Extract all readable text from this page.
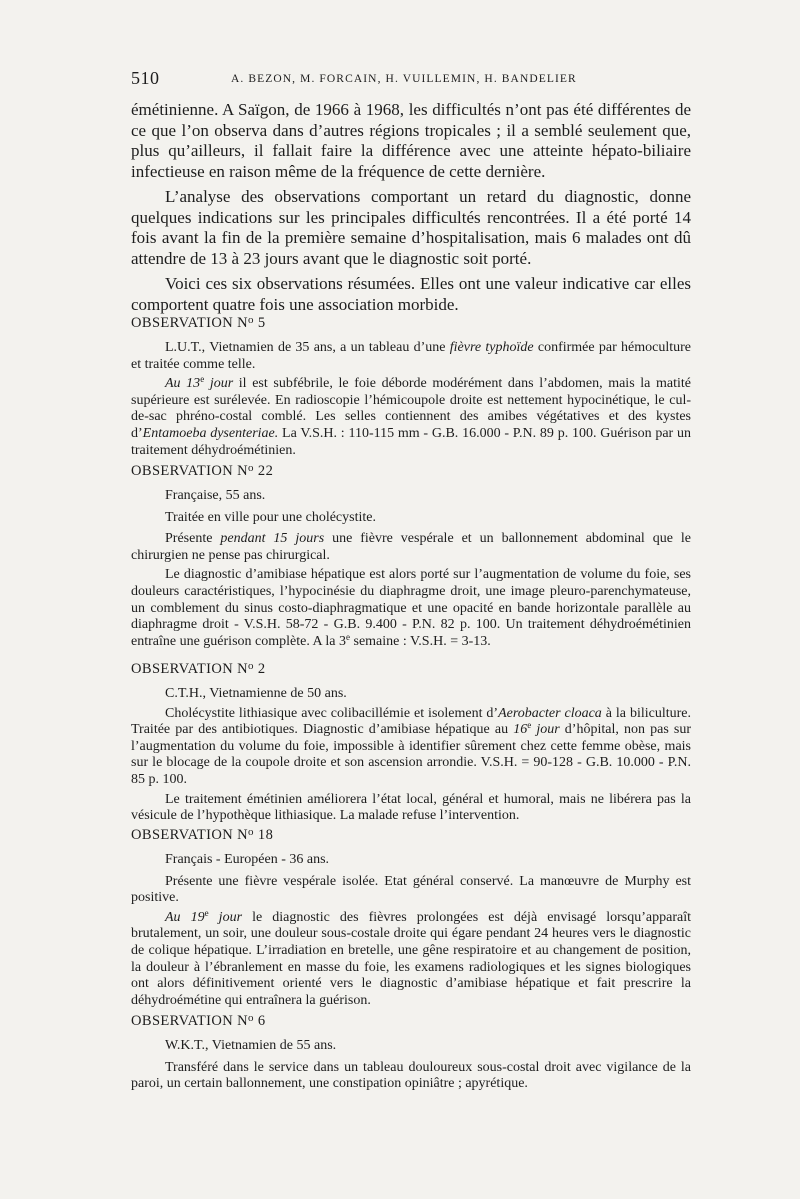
510	A. BEZON, M. FORCAIN, H. VUILLEMIN, H. BANDELIER

émétinienne. A Saïgon, de 1966 à 1968, les difficultés n’ont pas été différentes de ce que l’on observa dans d’autres régions tropicales ; il a semblé seulement que, plus qu’ailleurs, il fallait faire la différence avec une atteinte hépato-biliaire infectieuse en raison même de la fréquence de cette dernière.

L’analyse des observations comportant un retard du diagnostic, donne quelques indications sur les principales difficultés rencontrées. Il a été porté 14 fois avant la fin de la première semaine d’hospitalisation, mais 6 malades ont dû attendre de 13 à 23 jours avant que le diagnostic soit porté.

Voici ces six observations résumées. Elles ont une valeur indicative car elles comportent quatre fois une association morbide.

OBSERVATION $N^o$ 5

L.U.T., Vietnamien de 35 ans, a un tableau d’une fièvre typhoïde confirmée par hémoculture et traitée comme telle.

Au 13e jour il est subfébrile, le foie déborde modérément dans l’abdomen, mais la matité supérieure est surélevée. En radioscopie l’hémicoupole droite est nettement hypocinétique, le cul-de-sac phréno-costal comblé. Les selles contiennent des amibes végétatives et des kystes d’Entamoeba dysenteriae. La V.S.H. : 110-115 mm - G.B. 16.000 - P.N. 89 p. 100. Guérison par un traitement déhydroémétinien.

OBSERVATION $N^o$ 22

Française, 55 ans.

Traitée en ville pour une cholécystite.

Présente pendant 15 jours une fièvre vespérale et un ballonnement abdominal que le chirurgien ne pense pas chirurgical.

Le diagnostic d’amibiase hépatique est alors porté sur l’augmentation de volume du foie, ses douleurs caractéristiques, l’hypocinésie du diaphragme droit, une image pleuro-parenchymateuse, un comblement du sinus costo-diaphragmatique et une opacité en bande horizontale parallèle au diaphragme droit - V.S.H. 58-72 - G.B. 9.400 - P.N. 82 p. 100. Un traitement déhydroémétinien entraîne une guérison complète. A la 3e semaine : V.S.H. = 3-13.

OBSERVATION $N^o$ 2

C.T.H., Vietnamienne de 50 ans.

Cholécystite lithiasique avec colibacillémie et isolement d’Aerobacter cloaca à la biliculture. Traitée par des antibiotiques. Diagnostic d’amibiase hépatique au 16e jour d’hôpital, non pas sur l’augmentation du volume du foie, impossible à identifier sûrement chez cette femme obèse, mais sur le blocage de la coupole droite et son ascension arrondie. V.S.H. = 90-128 - G.B. 10.000 - P.N. 85 p. 100.

Le traitement émétinien améliorera l’état local, général et humoral, mais ne libérera pas la vésicule de l’hypothèque lithiasique. La malade refuse l’intervention.

OBSERVATION $N^o$ 18

Français - Européen - 36 ans.

Présente une fièvre vespérale isolée. Etat général conservé. La manœuvre de Murphy est positive.

Au 19e jour le diagnostic des fièvres prolongées est déjà envisagé lorsqu’apparaît brutalement, un soir, une douleur sous-costale droite qui égare pendant 24 heures vers le diagnostic de colique hépatique. L’irradiation en bretelle, une gêne respiratoire et au changement de position, la douleur à l’ébranlement en masse du foie, les examens radiologiques et les signes biologiques ont alors définitivement orienté vers le diagnostic d’amibiase hépatique et fait prescrire la déhydroémétine qui entraînera la guérison.

OBSERVATION $N^o$ 6

W.K.T., Vietnamien de 55 ans.

Transféré dans le service dans un tableau douloureux sous-costal droit avec vigilance de la paroi, un certain ballonnement, une constipation opiniâtre ; apyrétique.
